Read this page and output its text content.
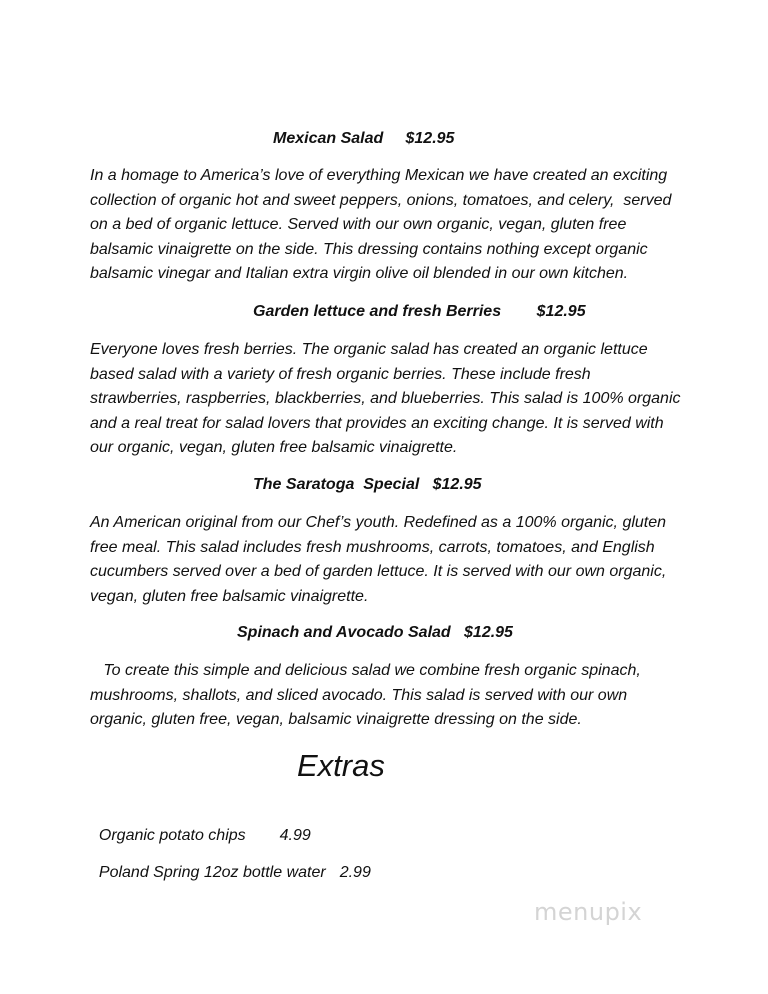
Mexican Salad     $12.95
In a homage to America’s love of everything Mexican we have created an exciting
collection of organic hot and sweet peppers, onions, tomatoes, and celery,  served
on a bed of organic lettuce. Served with our own organic, vegan, gluten free
balsamic vinaigrette on the side. This dressing contains nothing except organic
balsamic vinegar and Italian extra virgin olive oil blended in our own kitchen.
Garden lettuce and fresh Berries        $12.95
Everyone loves fresh berries. The organic salad has created an organic lettuce
based salad with a variety of fresh organic berries. These include fresh
strawberries, raspberries, blackberries, and blueberries. This salad is 100% organic
and a real treat for salad lovers that provides an exciting change. It is served with
our organic, vegan, gluten free balsamic vinaigrette.
The Saratoga  Special   $12.95
An American original from our Chef’s youth. Redefined as a 100% organic, gluten
free meal. This salad includes fresh mushrooms, carrots, tomatoes, and English
cucumbers served over a bed of garden lettuce. It is served with our own organic,
vegan, gluten free balsamic vinaigrette.
Spinach and Avocado Salad   $12.95
To create this simple and delicious salad we combine fresh organic spinach,
mushrooms, shallots, and sliced avocado. This salad is served with our own
organic, gluten free, vegan, balsamic vinaigrette dressing on the side.
Extras

Organic potato chips 4.99

Poland Spring 12oz bottle water 2.99

menupix
